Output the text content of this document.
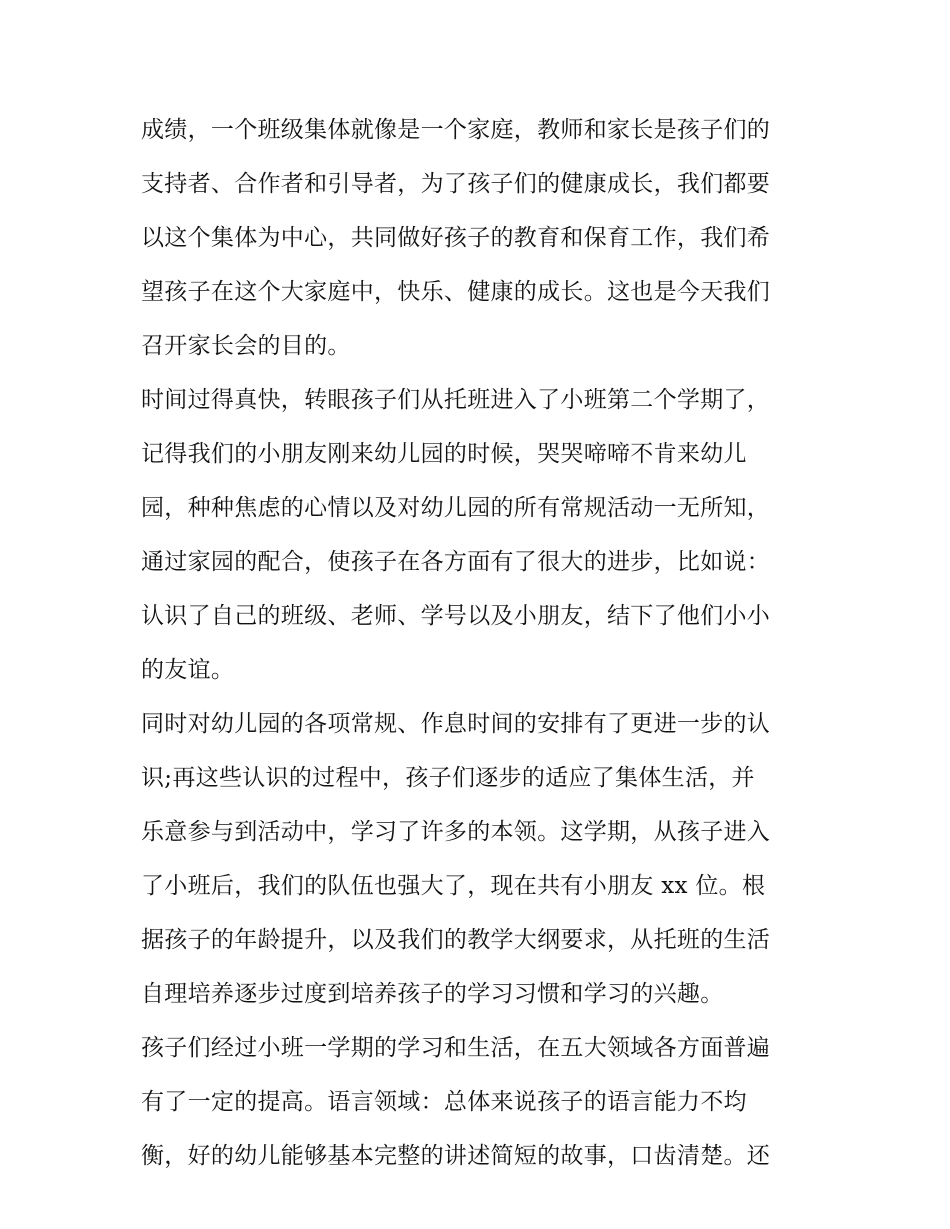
成绩，一个班级集体就像是一个家庭，教师和家长是孩子们的
支持者、合作者和引导者，为了孩子们的健康成长，我们都要
以这个集体为中心，共同做好孩子的教育和保育工作，我们希
望孩子在这个大家庭中，快乐、健康的成长。这也是今天我们
召开家长会的目的。
时间过得真快，转眼孩子们从托班进入了小班第二个学期了，
记得我们的小朋友刚来幼儿园的时候，哭哭啼啼不肯来幼儿
园，种种焦虑的心情以及对幼儿园的所有常规活动一无所知，
通过家园的配合，使孩子在各方面有了很大的进步，比如说：
认识了自己的班级、老师、学号以及小朋友，结下了他们小小
的友谊。
同时对幼儿园的各项常规、作息时间的安排有了更进一步的认
识;再这些认识的过程中，孩子们逐步的适应了集体生活，并
乐意参与到活动中，学习了许多的本领。这学期，从孩子进入
了小班后，我们的队伍也强大了，现在共有小朋友 xx 位。根
据孩子的年龄提升，以及我们的教学大纲要求，从托班的生活
自理培养逐步过度到培养孩子的学习习惯和学习的兴趣。
孩子们经过小班一学期的学习和生活，在五大领域各方面普遍
有了一定的提高。语言领域：总体来说孩子的语言能力不均
衡，好的幼儿能够基本完整的讲述简短的故事，口齿清楚。还
